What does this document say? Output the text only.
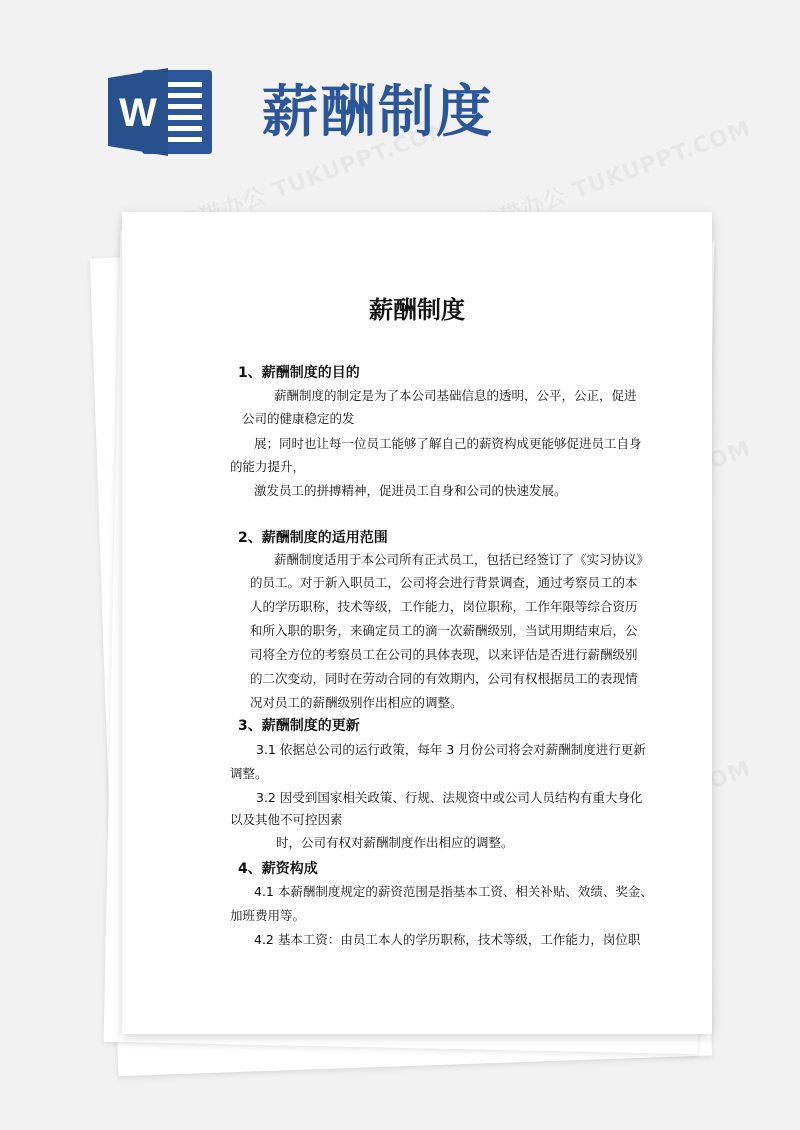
W 薪酬制度
薪酬制度
1、薪酬制度的目的
薪酬制度的制定是为了本公司基础信息的透明，公平，公正，促进
公司的健康稳定的发
展；同时也让每一位员工能够了解自己的薪资构成更能够促进员工自身
的能力提升，
激发员工的拼搏精神，促进员工自身和公司的快速发展。
2、薪酬制度的适用范围
薪酬制度适用于本公司所有正式员工，包括已经签订了《实习协议》
的员工。对于新入职员工，公司将会进行背景调查，通过考察员工的本
人的学历职称，技术等级，工作能力，岗位职称，工作年限等综合资历
和所入职的职务，来确定员工的滴一次薪酬级别，当试用期结束后，公
司将全方位的考察员工在公司的具体表现，以来评估是否进行薪酬级别
的二次变动，同时在劳动合同的有效期内，公司有权根据员工的表现情
况对员工的薪酬级别作出相应的调整。
3、薪酬制度的更新
3.1 依据总公司的运行政策，每年 3 月份公司将会对薪酬制度进行更新
调整。
3.2 因受到国家相关政策、行规、法规资中或公司人员结构有重大身化
以及其他不可控因素
时，公司有权对薪酬制度作出相应的调整。
4、薪资构成
4.1 本薪酬制度规定的薪资范围是指基本工资、相关补贴、效绩、奖金、
加班费用等。
4.2 基本工资：由员工本人的学历职称，技术等级，工作能力，岗位职
